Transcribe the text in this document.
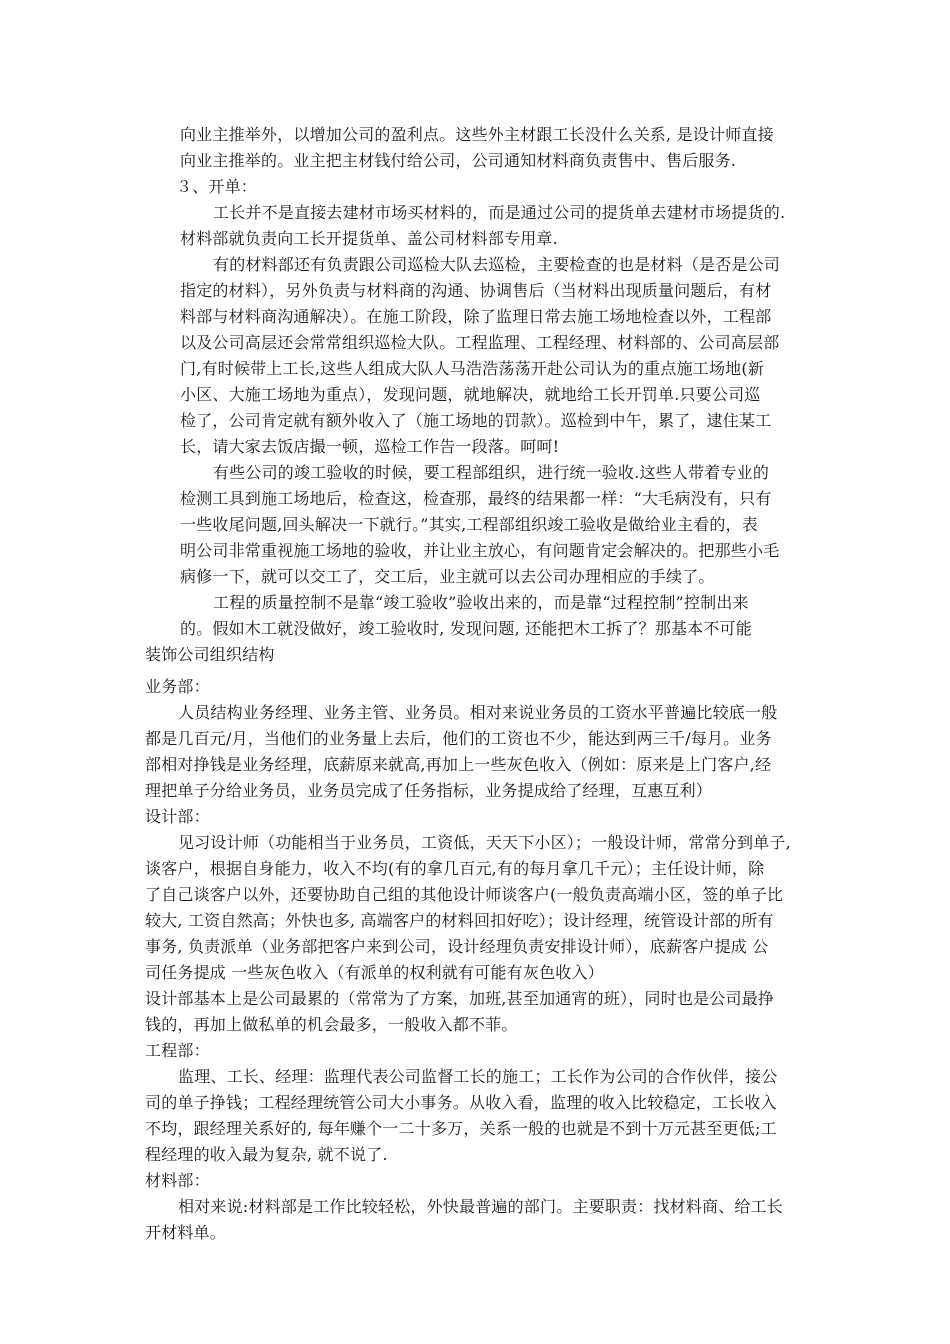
向业主推举外，以增加公司的盈利点。这些外主材跟工长没什么关系, 是设计师直接
向业主推举的。业主把主材钱付给公司，公司通知材料商负责售中、售后服务.
３、开单：
工长并不是直接去建材市场买材料的，而是通过公司的提货单去建材市场提货的.
材料部就负责向工长开提货单、盖公司材料部专用章.
有的材料部还有负责跟公司巡检大队去巡检，主要检查的也是材料（是否是公司
指定的材料），另外负责与材料商的沟通、协调售后（当材料出现质量问题后，有材
料部与材料商沟通解决）。在施工阶段，除了监理日常去施工场地检查以外，工程部
以及公司高层还会常常组织巡检大队。工程监理、工程经理、材料部的、公司高层部
门,有时候带上工长,这些人组成大队人马浩浩荡荡开赴公司认为的重点施工场地(新
小区、大施工场地为重点），发现问题，就地解决，就地给工长开罚单.只要公司巡
检了，公司肯定就有额外收入了（施工场地的罚款）。巡检到中午，累了，逮住某工
长，请大家去饭店撮一顿，巡检工作告一段落。呵呵!
有些公司的竣工验收的时候，要工程部组织，进行统一验收.这些人带着专业的
检测工具到施工场地后，检查这，检查那，最终的结果都一样：“大毛病没有，只有
一些收尾问题,回头解决一下就行。”其实,工程部组织竣工验收是做给业主看的，表
明公司非常重视施工场地的验收，并让业主放心，有问题肯定会解决的。把那些小毛
病修一下，就可以交工了，交工后，业主就可以去公司办理相应的手续了。
工程的质量控制不是靠“竣工验收”验收出来的，而是靠“过程控制”控制出来
的。假如木工就没做好，竣工验收时, 发现问题, 还能把木工拆了？那基本不可能
装饰公司组织结构
业务部：
人员结构业务经理、业务主管、业务员。相对来说业务员的工资水平普遍比较底一般
都是几百元/月，当他们的业务量上去后，他们的工资也不少，能达到两三千/每月。业务
部相对挣钱是业务经理，底薪原来就高,再加上一些灰色收入（例如：原来是上门客户,经
理把单子分给业务员，业务员完成了任务指标，业务提成给了经理，互惠互利）
设计部：
见习设计师（功能相当于业务员，工资低，天天下小区）；一般设计师，常常分到单子,
谈客户，根据自身能力，收入不均(有的拿几百元,有的每月拿几千元）；主任设计师，除
了自己谈客户以外，还要协助自己组的其他设计师谈客户(一般负责高端小区，签的单子比
较大, 工资自然高；外快也多, 高端客户的材料回扣好吃）；设计经理，统管设计部的所有
事务, 负责派单（业务部把客户来到公司，设计经理负责安排设计师），底薪客户提成 公
司任务提成 一些灰色收入（有派单的权利就有可能有灰色收入）
设计部基本上是公司最累的（常常为了方案，加班,甚至加通宵的班），同时也是公司最挣
钱的，再加上做私单的机会最多，一般收入都不菲。
工程部：
监理、工长、经理：监理代表公司监督工长的施工；工长作为公司的合作伙伴，接公
司的单子挣钱；工程经理统管公司大小事务。从收入看，监理的收入比较稳定，工长收入
不均，跟经理关系好的, 每年赚个一二十多万，关系一般的也就是不到十万元甚至更低;工
程经理的收入最为复杂, 就不说了.
材料部：
相对来说:材料部是工作比较轻松，外快最普遍的部门。主要职责：找材料商、给工长
开材料单。
